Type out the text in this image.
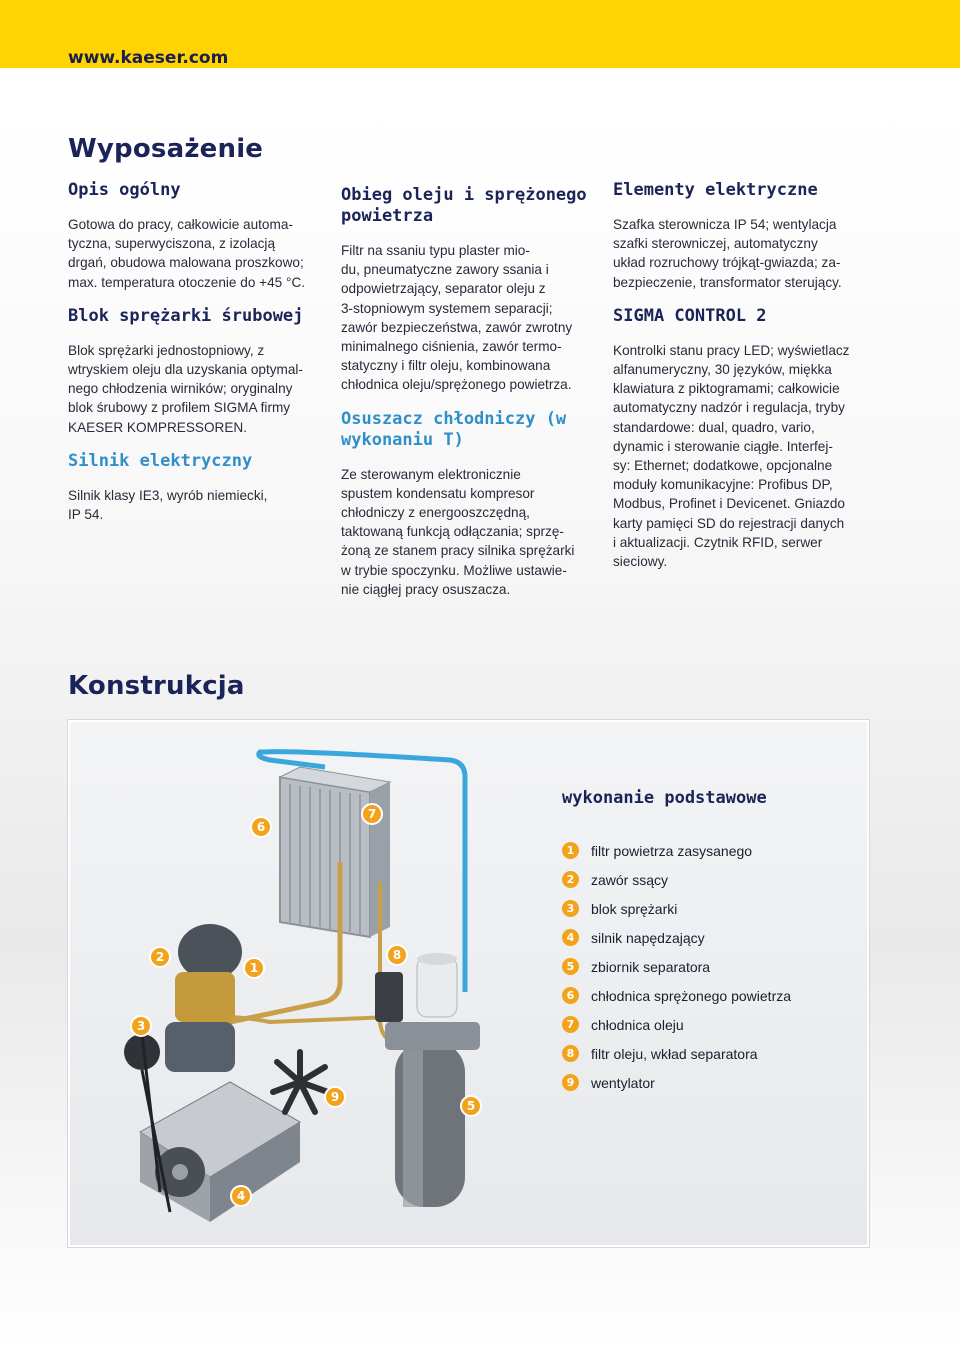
www.kaeser.com
Wyposażenie
Opis ogólny

Gotowa do pracy, całkowicie automa-
tyczna, superwyciszona, z izolacją
drgań, obudowa malowana proszkowo;
max. temperatura otoczenie do +45 °C.

Blok sprężarki śrubowej

Blok sprężarki jednostopniowy, z
wtryskiem oleju dla uzyskania optymal-
nego chłodzenia wirników; oryginalny
blok śrubowy z profilem SIGMA firmy
KAESER KOMPRESSOREN.

Silnik elektryczny

Silnik klasy IE3, wyrób niemiecki,
IP 54.

Obieg oleju i sprężonego powietrza

Filtr na ssaniu typu plaster mio-
du, pneumatyczne zawory ssania i
odpowietrzający, separator oleju z
3-stopniowym systemem separacji;
zawór bezpieczeństwa, zawór zwrotny
minimalnego ciśnienia, zawór termo-
statyczny i filtr oleju, kombinowana
chłodnica oleju/sprężonego powietrza.

Osuszacz chłodniczy (w wykonaniu T)

Ze sterowanym elektronicznie
spustem kondensatu kompresor
chłodniczy z energooszczędną,
taktowaną funkcją odłączania; sprzę-
żoną ze stanem pracy silnika sprężarki
w trybie spoczynku. Możliwe ustawie-
nie ciągłej pracy osuszacza.

Elementy elektryczne

Szafka sterownicza IP 54; wentylacja
szafki sterowniczej, automatyczny
układ rozruchowy trójkąt-gwiazda; za-
bezpieczenie, transformator sterujący.

SIGMA CONTROL 2

Kontrolki stanu pracy LED; wyświetlacz
alfanumeryczny, 30 języków, miękka
klawiatura z piktogramami; całkowicie
automatyczny nadzór i regulacja, tryby
standardowe: dual, quadro, vario,
dynamic i sterowanie ciągłe. Interfej-
sy: Ethernet; dodatkowe, opcjonalne
moduły komunikacyjne: Profibus DP,
Modbus, Profinet i Devicenet. Gniazdo
karty pamięci SD do rejestracji danych
i aktualizacji. Czytnik RFID, serwer
sieciowy.

Konstrukcja
6
7
2
1
8
3
9
5
4
wykonanie podstawowe
1	filtr powietrza zasysanego
2	zawór ssący
3	blok sprężarki
4	silnik napędzający
5	zbiornik separatora
6	chłodnica sprężonego powietrza
7	chłodnica oleju
8	filtr oleju, wkład separatora
9	wentylator
